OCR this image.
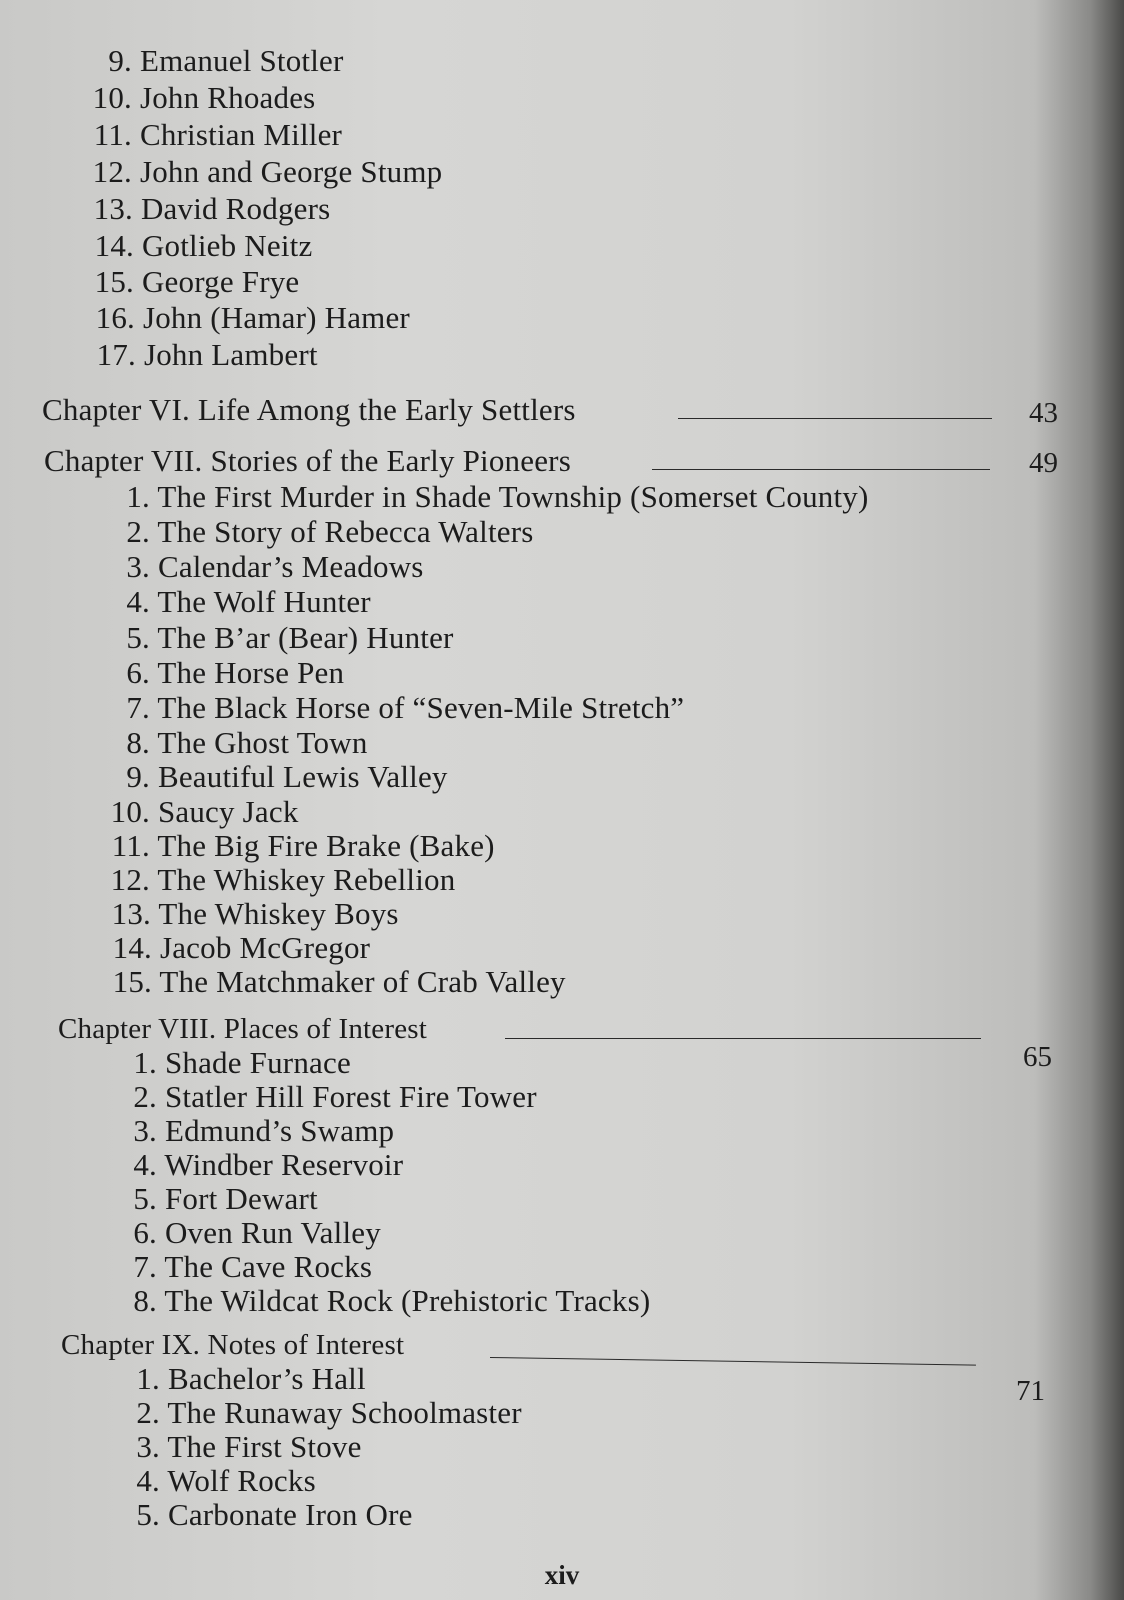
9. Emanuel Stotler
10. John Rhoades
11. Christian Miller
12. John and George Stump
13. David Rodgers
14. Gotlieb Neitz
15. George Frye
16. John (Hamar) Hamer
17. John Lambert
Chapter VI. Life Among the Early Settlers	43
Chapter VII. Stories of the Early Pioneers	49
1. The First Murder in Shade Township (Somerset County)
2. The Story of Rebecca Walters
3. Calendar’s Meadows
4. The Wolf Hunter
5. The B’ar (Bear) Hunter
6. The Horse Pen
7. The Black Horse of “Seven-Mile Stretch”
8. The Ghost Town
9. Beautiful Lewis Valley
10. Saucy Jack
11. The Big Fire Brake (Bake)
12. The Whiskey Rebellion
13. The Whiskey Boys
14. Jacob McGregor
15. The Matchmaker of Crab Valley
Chapter VIII. Places of Interest
65
1. Shade Furnace
2. Statler Hill Forest Fire Tower
3. Edmund’s Swamp
4. Windber Reservoir
5. Fort Dewart
6. Oven Run Valley
7. The Cave Rocks
8. The Wildcat Rock (Prehistoric Tracks)
Chapter IX. Notes of Interest
71
1. Bachelor’s Hall
2. The Runaway Schoolmaster
3. The First Stove
4. Wolf Rocks
5. Carbonate Iron Ore
xiv
